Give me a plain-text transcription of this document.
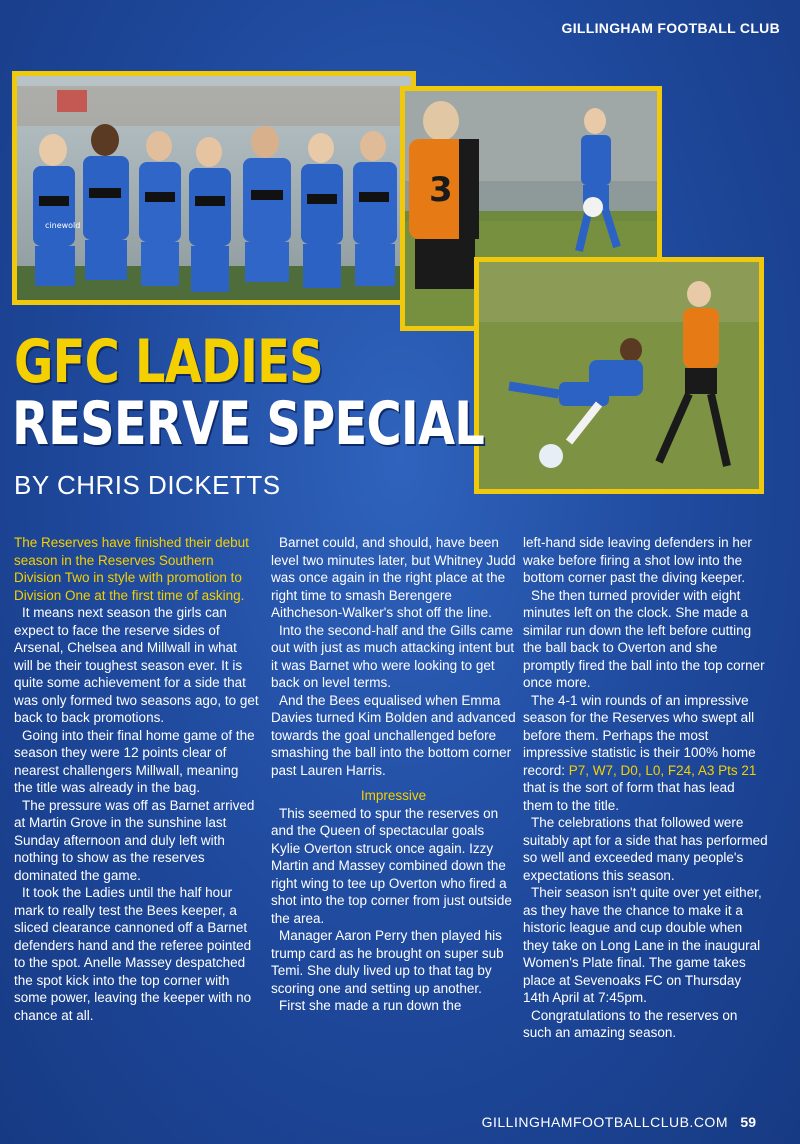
GILLINGHAM FOOTBALL CLUB
cinewold
3
GFC LADIES
RESERVE SPECIAL
BY CHRIS DICKETTS

The Reserves have finished their debut season in the Reserves Southern Division Two in style with promotion to Division One at the first time of asking.

It means next season the girls can expect to face the reserve sides of Arsenal, Chelsea and Millwall in what will be their toughest season ever. It is quite some achievement for a side that was only formed two seasons ago, to get back to back promotions.

Going into their final home game of the season they were 12 points clear of nearest challengers Millwall, meaning the title was already in the bag.

The pressure was off as Barnet arrived at Martin Grove in the sunshine last Sunday afternoon and duly left with nothing to show as the reserves dominated the game.

It took the Ladies until the half hour mark to really test the Bees keeper, a sliced clearance cannoned off a Barnet defenders hand and the referee pointed to the spot. Anelle Massey despatched the spot kick into the top corner with some power, leaving the keeper with no chance at all.

Barnet could, and should, have been level two minutes later, but Whitney Judd was once again in the right place at the right time to smash Berengere Aithcheson-Walker's shot off the line.

Into the second-half and the Gills came out with just as much attacking intent but it was Barnet who were looking to get back on level terms.

And the Bees equalised when Emma Davies turned Kim Bolden and advanced towards the goal unchallenged before smashing the ball into the bottom corner past Lauren Harris.

Impressive

This seemed to spur the reserves on and the Queen of spectacular goals Kylie Overton struck once again. Izzy Martin and Massey combined down the right wing to tee up Overton who fired a shot into the top corner from just outside the area.

Manager Aaron Perry then played his trump card as he brought on super sub Temi. She duly lived up to that tag by scoring one and setting up another.

First she made a run down the

left-hand side leaving defenders in her wake before firing a shot low into the bottom corner past the diving keeper.

She then turned provider with eight minutes left on the clock. She made a similar run down the left before cutting the ball back to Overton and she promptly fired the ball into the top corner once more.

The 4-1 win rounds of an impressive season for the Reserves who swept all before them. Perhaps the most impressive statistic is their 100% home record: P7, W7, D0, L0, F24, A3 Pts 21 that is the sort of form that has lead them to the title.

The celebrations that followed were suitably apt for a side that has performed so well and exceeded many people's expectations this season.

Their season isn't quite over yet either, as they have the chance to make it a historic league and cup double when they take on Long Lane in the inaugural Women's Plate final. The game takes place at Sevenoaks FC on Thursday 14th April at 7:45pm.

Congratulations to the reserves on such an amazing season.

GILLINGHAMFOOTBALLCLUB.COM 59
